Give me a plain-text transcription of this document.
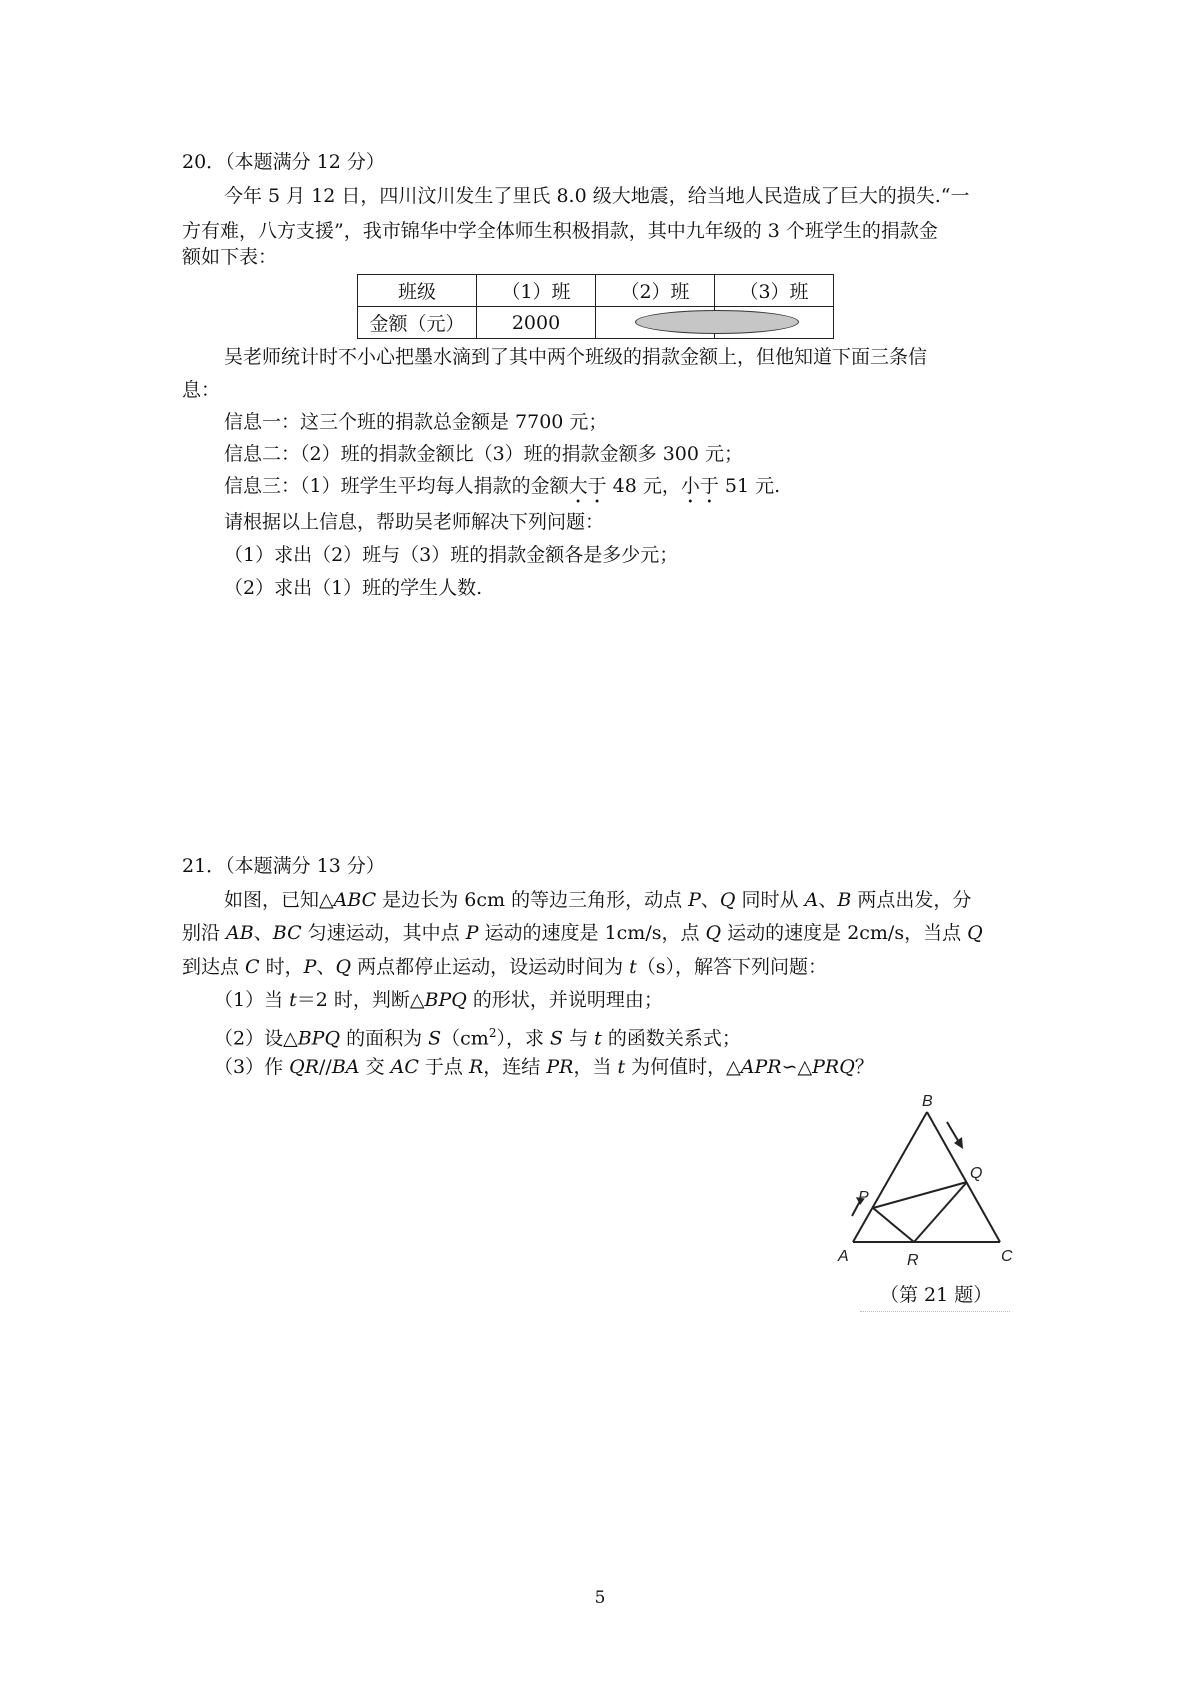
20．（本题满分 12 分）
今年 5 月 12 日，四川汶川发生了里氏 8.0 级大地震，给当地人民造成了巨大的损失.“一
方有难，八方支援”，我市锦华中学全体师生积极捐款，其中九年级的 3 个班学生的捐款金
额如下表：
班级	（1）班	（2）班	（3）班
金额（元）	2000		
吴老师统计时不小心把墨水滴到了其中两个班级的捐款金额上，但他知道下面三条信
息：
信息一：这三个班的捐款总金额是 7700 元；
信息二：（2）班的捐款金额比（3）班的捐款金额多 300 元；
信息三：（1）班学生平均每人捐款的金额大于 48 元，小于 51 元.
请根据以上信息，帮助吴老师解决下列问题：
（1）求出（2）班与（3）班的捐款金额各是多少元；
（2）求出（1）班的学生人数.
21．（本题满分 13 分）
如图，已知△ABC 是边长为 6cm 的等边三角形，动点 P、Q 同时从 A、B 两点出发，分
别沿 AB、BC 匀速运动，其中点 P 运动的速度是 1cm/s，点 Q 运动的速度是 2cm/s，当点 Q
到达点 C 时，P、Q 两点都停止运动，设运动时间为 t（s），解答下列问题：
（1）当 t＝2 时，判断△BPQ 的形状，并说明理由；
（2）设△BPQ 的面积为 $S(cm^2)$，求 S 与 t 的函数关系式；
（3）作 QR//BA 交 AC 于点 R，连结 PR，当 t 为何值时，△APR∽△PRQ？
B
Q
P
A	R	C
（第 21 题）
5
